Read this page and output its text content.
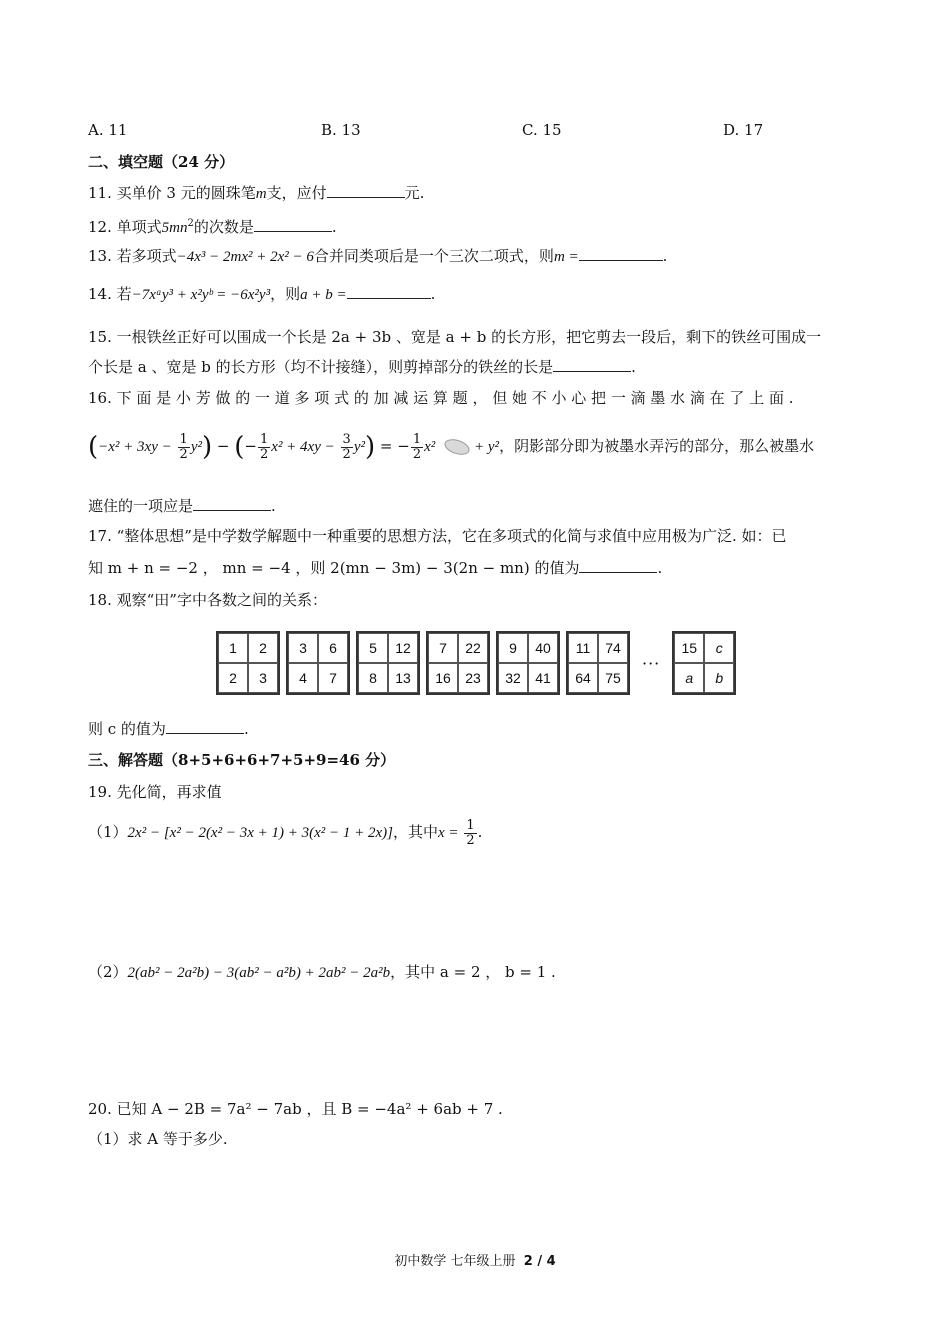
A. 11	B. 13	C. 15	D. 17
二、填空题（24 分）
11. 买单价 3 元的圆珠笔m支，应付	元.
12. 单项式$5mn^2$的次数是	.
13. 若多项式−4x³ − 2mx² + 2x² − 6合并同类项后是一个三次二项式，则m =	.
14. 若−7xᵃy³ + x²yᵇ = −6x²y³，则a + b =	.
15. 一根铁丝正好可以围成一个长是 2a + 3b 、宽是 a + b 的长方形，把它剪去一段后，剩下的铁丝可围成一
个长是 a 、宽是 b 的长方形（均不计接缝），则剪掉部分的铁丝的长是	.
16. 下 面 是 小 芳 做 的 一 道 多 项 式 的 加 减 运 算 题 ， 但 她 不 小 心 把 一 滴 墨 水 滴 在 了 上 面 .
$(-x^2 + 3xy - \frac{1}{2} y^2)$ − (− $\frac{1}{2} x^2 + 4xy - \frac{3}{2} y^2$) = − $\frac{1}{2} x^2$	+ y²，阴影部分即为被墨水弄污的部分，那么被墨水
遮住的一项应是	.
17. “整体思想”是中学数学解题中一种重要的思想方法，它在多项式的化简与求值中应用极为广泛. 如：已
知 m + n = −2 ， mn = −4 ，则 2(mn − 3m) − 3(2n − mn) 的值为	.
18. 观察“田”字中各数之间的关系：
1	2
2	3
3	6
4	7
5	12
8	13
7	22
16	23
9	40
32	41
11	74
64	75
···
15	c
a	b
则 c 的值为	.
三、解答题（8+5+6+6+7+5+9=46 分）
19. 先化简，再求值
（1）2x² − [x² − 2(x² − 3x + 1) + 3(x² − 1 + 2x)]，其中$x = \frac{1}{2}$ .
（2）2(ab² − 2a²b) − 3(ab² − a²b) + 2ab² − 2a²b，其中 a = 2 ， b = 1 .
20. 已知 A − 2B = 7a² − 7ab ，且 B = −4a² + 6ab + 7 .
（1）求 A 等于多少.
初中数学 七年级上册 2 / 4
